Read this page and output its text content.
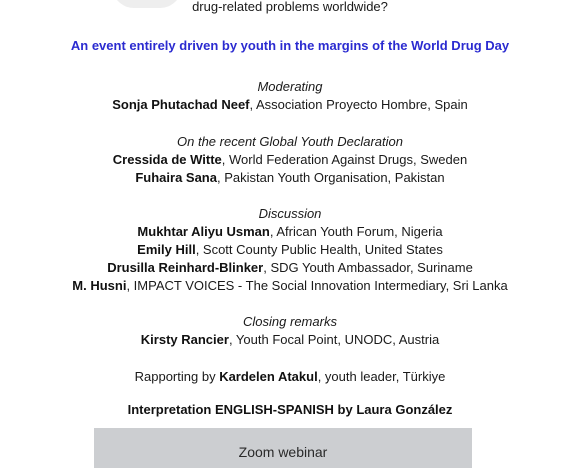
drug-related problems worldwide?
An event entirely driven by youth in the margins of the World Drug Day
Moderating
Sonja Phutachad Neef, Association Proyecto Hombre, Spain
On the recent Global Youth Declaration
Cressida de Witte, World Federation Against Drugs, Sweden
Fuhaira Sana, Pakistan Youth Organisation, Pakistan
Discussion
Mukhtar Aliyu Usman, African Youth Forum, Nigeria
Emily Hill, Scott County Public Health, United States
Drusilla Reinhard-Blinker, SDG Youth Ambassador, Suriname
M. Husni, IMPACT VOICES - The Social Innovation Intermediary, Sri Lanka
Closing remarks
Kirsty Rancier, Youth Focal Point, UNODC, Austria
Rapporting by Kardelen Atakul, youth leader, Türkiye
Interpretation ENGLISH-SPANISH by Laura González
Zoom webinar
